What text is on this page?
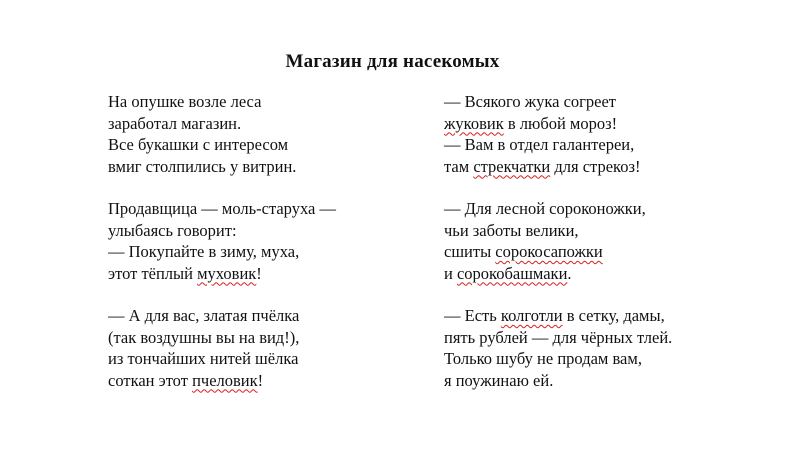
Магазин для насекомых
На опушке возле леса
заработал магазин.
Все букашки с интересом
вмиг столпились у витрин.
Продавщица — моль-старуха —
улыбаясь говорит:
— Покупайте в зиму, муха,
этот тёплый муховик!
— А для вас, златая пчёлка
(так воздушны вы на вид!),
из тончайших нитей шёлка
соткан этот пчеловик!
— Всякого жука согреет
жуковик в любой мороз!
— Вам в отдел галантереи,
там стрекчатки для стрекоз!
— Для лесной сороконожки,
чьи заботы велики,
сшиты сорокосапожки
и сорокобашмаки.
— Есть колготли в сетку, дамы,
пять рублей — для чёрных тлей.
Только шубу не продам вам,
я поужинаю ей.
